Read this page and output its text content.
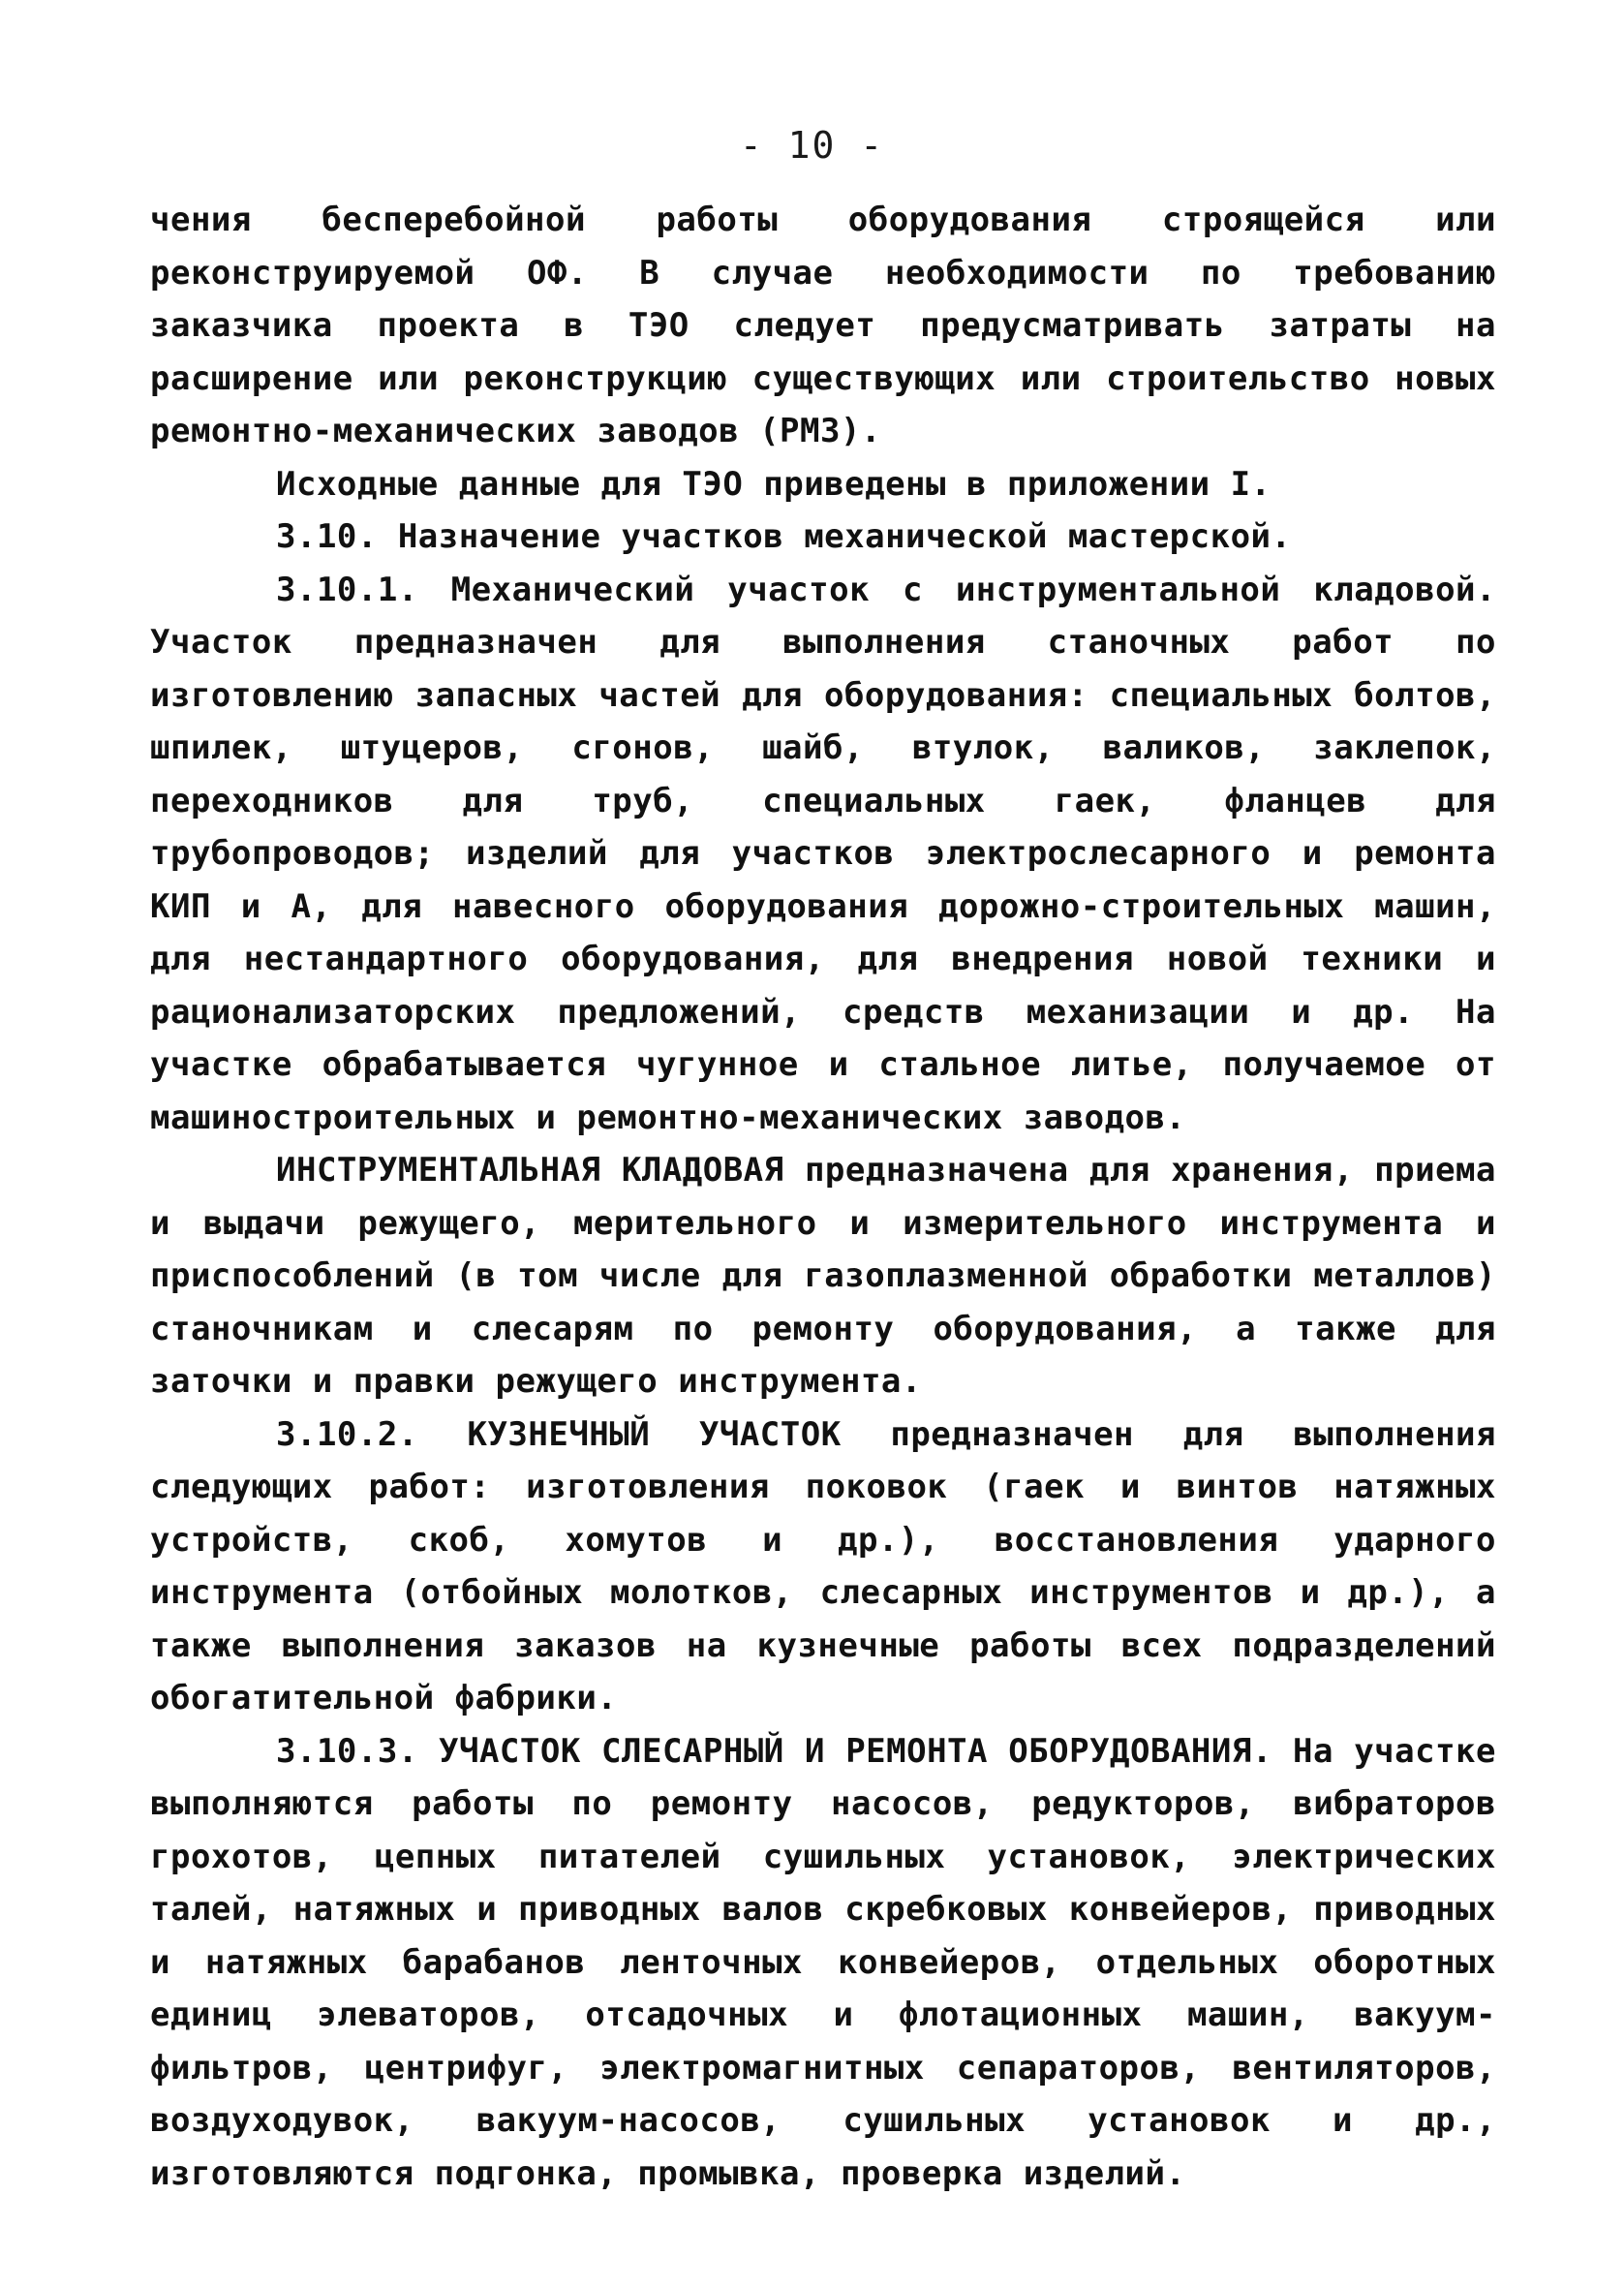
- 10 -

чения бесперебойной работы оборудования строящейся или реконструируемой ОФ. В случае необходимости по требованию заказчика проекта в ТЭО следует предусматривать затраты на расширение или реконструкцию существующих или строительство новых ремонтно-механических заводов (РМЗ).

Исходные данные для ТЭО приведены в приложении I.

3.10. Назначение участков механической мастерской.

3.10.1. Механический участок с инструментальной кладовой. Участок предназначен для выполнения станочных работ по изготовлению запасных частей для оборудования: специальных болтов, шпилек, штуцеров, сгонов, шайб, втулок, валиков, заклепок, переходников для труб, специальных гаек, фланцев для трубопроводов; изделий для участков электрослесарного и ремонта КИП и А, для навесного оборудования дорожно-строительных машин, для нестандартного оборудования, для внедрения новой техники и рационализаторских предложений, средств механизации и др. На участке обрабатывается чугунное и стальное литье, получаемое от машиностроительных и ремонтно-механических заводов.

ИНСТРУМЕНТАЛЬНАЯ КЛАДОВАЯ предназначена для хранения, приема и выдачи режущего, мерительного и измерительного инструмента и приспособлений (в том числе для газоплазменной обработки металлов) станочникам и слесарям по ремонту оборудования, а также для заточки и правки режущего инструмента.

3.10.2. КУЗНЕЧНЫЙ УЧАСТОК предназначен для выполнения следующих работ: изготовления поковок (гаек и винтов натяжных устройств, скоб, хомутов и др.), восстановления ударного инструмента (отбойных молотков, слесарных инструментов и др.), а также выполнения заказов на кузнечные работы всех подразделений обогатительной фабрики.

3.10.3. УЧАСТОК СЛЕСАРНЫЙ И РЕМОНТА ОБОРУДОВАНИЯ. На участке выполняются работы по ремонту насосов, редукторов, вибраторов грохотов, цепных питателей сушильных установок, электрических талей, натяжных и приводных валов скребковых конвейеров, приводных и натяжных барабанов ленточных конвейеров, отдельных оборотных единиц элеваторов, отсадочных и флотационных машин, вакуум-фильтров, центрифуг, электромагнитных сепараторов, вентиляторов, воздуходувок, вакуум-насосов, сушильных установок и др., изготовляются подгонка, промывка, проверка изделий.
